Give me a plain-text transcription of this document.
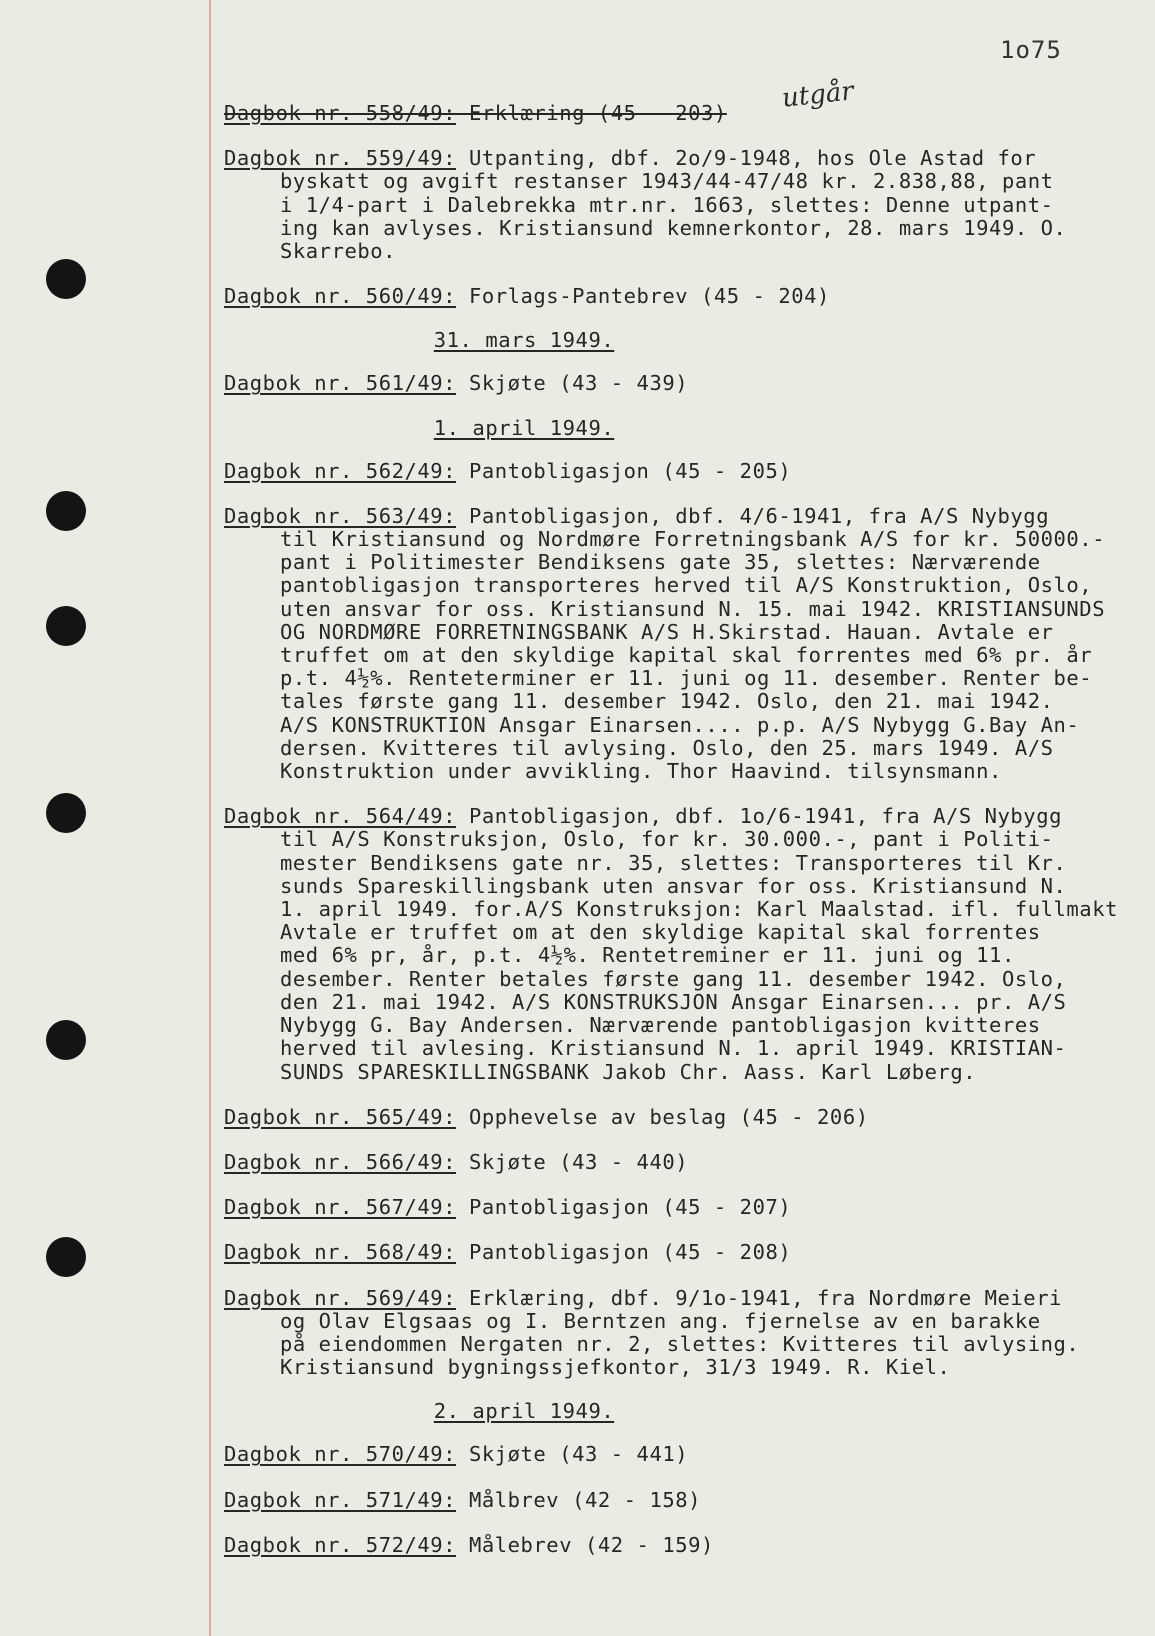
1o75
utgår
Dagbok nr. 558/49: Erklæring (45 - 203)
Dagbok nr. 559/49: Utpanting, dbf. 2o/9-1948, hos Ole Astad for
byskatt og avgift restanser 1943/44-47/48 kr. 2.838,88, pant
i 1/4-part i Dalebrekka mtr.nr. 1663, slettes: Denne utpant-
ing kan avlyses. Kristiansund kemnerkontor, 28. mars 1949. O.
Skarrebo.
Dagbok nr. 560/49: Forlags-Pantebrev (45 - 204)
31. mars 1949.
Dagbok nr. 561/49: Skjøte (43 - 439)
1. april 1949.
Dagbok nr. 562/49: Pantobligasjon (45 - 205)
Dagbok nr. 563/49: Pantobligasjon, dbf. 4/6-1941, fra A/S Nybygg
til Kristiansund og Nordmøre Forretningsbank A/S for kr. 50000.-
pant i Politimester Bendiksens gate 35, slettes: Nærværende
pantobligasjon transporteres herved til A/S Konstruktion, Oslo,
uten ansvar for oss. Kristiansund N. 15. mai 1942. KRISTIANSUNDS
OG NORDMØRE FORRETNINGSBANK A/S H.Skirstad. Hauan. Avtale er
truffet om at den skyldige kapital skal forrentes med 6% pr. år
p.t. 4½%. Renteterminer er 11. juni og 11. desember. Renter be-
tales første gang 11. desember 1942. Oslo, den 21. mai 1942.
A/S KONSTRUKTION Ansgar Einarsen.... p.p. A/S Nybygg G.Bay An-
dersen. Kvitteres til avlysing. Oslo, den 25. mars 1949. A/S
Konstruktion under avvikling. Thor Haavind. tilsynsmann.
Dagbok nr. 564/49: Pantobligasjon, dbf. 1o/6-1941, fra A/S Nybygg
til A/S Konstruksjon, Oslo, for kr. 30.000.-, pant i Politi-
mester Bendiksens gate nr. 35, slettes: Transporteres til Kr.
sunds Spareskillingsbank uten ansvar for oss. Kristiansund N.
1. april 1949. for.A/S Konstruksjon: Karl Maalstad. ifl. fullmakt
Avtale er truffet om at den skyldige kapital skal forrentes
med 6% pr, år, p.t. 4½%. Rentetreminer er 11. juni og 11.
desember. Renter betales første gang 11. desember 1942. Oslo,
den 21. mai 1942. A/S KONSTRUKSJON Ansgar Einarsen... pr. A/S
Nybygg G. Bay Andersen. Nærværende pantobligasjon kvitteres
herved til avlesing. Kristiansund N. 1. april 1949. KRISTIAN-
SUNDS SPARESKILLINGSBANK Jakob Chr. Aass. Karl Løberg.
Dagbok nr. 565/49: Opphevelse av beslag (45 - 206)
Dagbok nr. 566/49: Skjøte (43 - 440)
Dagbok nr. 567/49: Pantobligasjon (45 - 207)
Dagbok nr. 568/49: Pantobligasjon (45 - 208)
Dagbok nr. 569/49: Erklæring, dbf. 9/1o-1941, fra Nordmøre Meieri
og Olav Elgsaas og I. Berntzen ang. fjernelse av en barakke
på eiendommen Nergaten nr. 2, slettes: Kvitteres til avlysing.
Kristiansund bygningssjefkontor, 31/3 1949. R. Kiel.
2. april 1949.
Dagbok nr. 570/49: Skjøte (43 - 441)
Dagbok nr. 571/49: Målbrev (42 - 158)
Dagbok nr. 572/49: Målebrev (42 - 159)
